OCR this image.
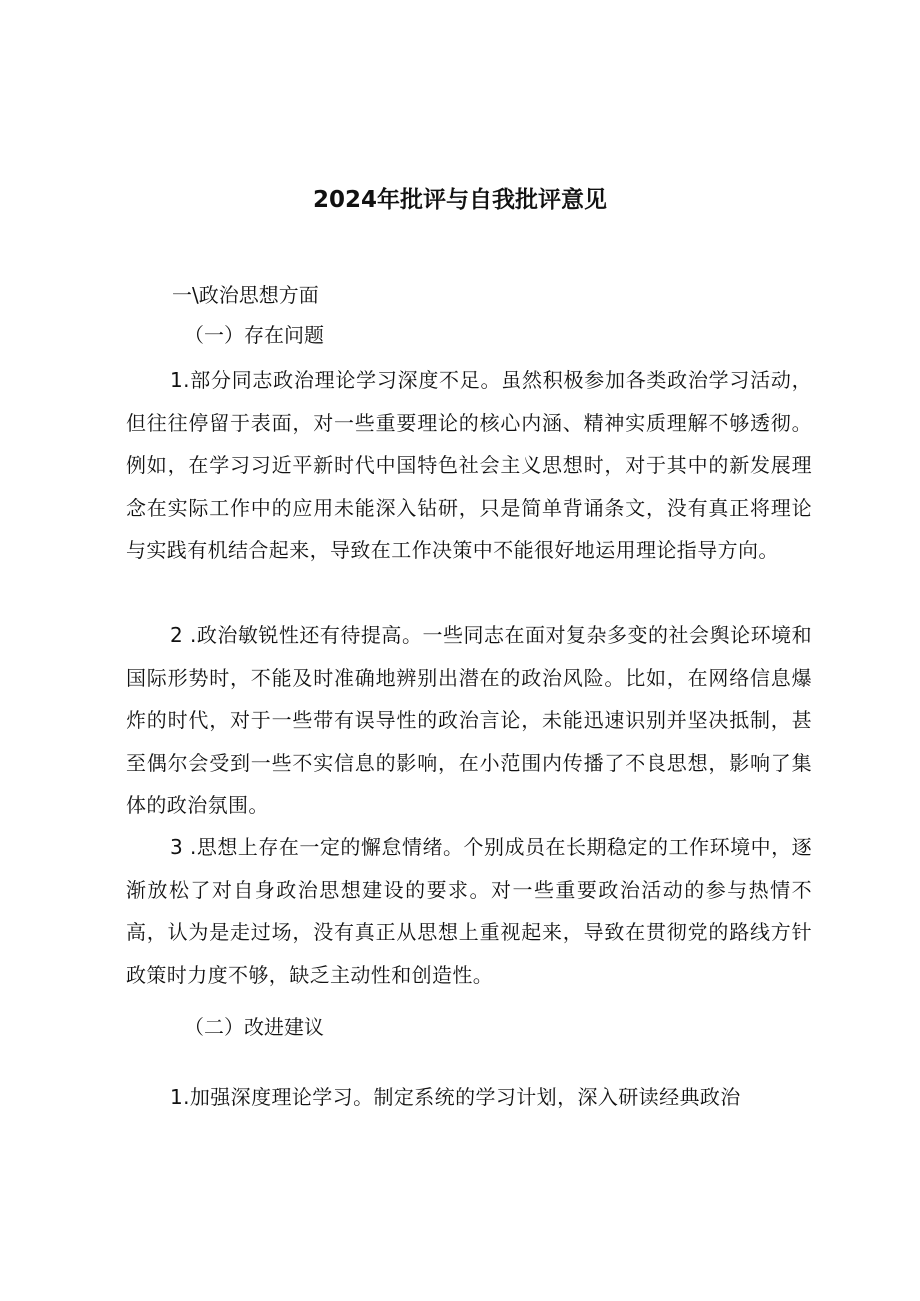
2024年批评与自我批评意见
一\政治思想方面
（一）存在问题
1.部分同志政治理论学习深度不足。虽然积极参加各类政治学习活动，但往往停留于表面，对一些重要理论的核心内涵、精神实质理解不够透彻。例如，在学习习近平新时代中国特色社会主义思想时，对于其中的新发展理念在实际工作中的应用未能深入钻研，只是简单背诵条文，没有真正将理论与实践有机结合起来，导致在工作决策中不能很好地运用理论指导方向。
2 .政治敏锐性还有待提高。一些同志在面对复杂多变的社会舆论环境和国际形势时，不能及时准确地辨别出潜在的政治风险。比如，在网络信息爆炸的时代，对于一些带有误导性的政治言论，未能迅速识别并坚决抵制，甚至偶尔会受到一些不实信息的影响，在小范围内传播了不良思想，影响了集体的政治氛围。
3 .思想上存在一定的懈怠情绪。个别成员在长期稳定的工作环境中，逐渐放松了对自身政治思想建设的要求。对一些重要政治活动的参与热情不高，认为是走过场，没有真正从思想上重视起来，导致在贯彻党的路线方针政策时力度不够，缺乏主动性和创造性。
（二）改进建议
1.加强深度理论学习。制定系统的学习计划，深入研读经典政治
